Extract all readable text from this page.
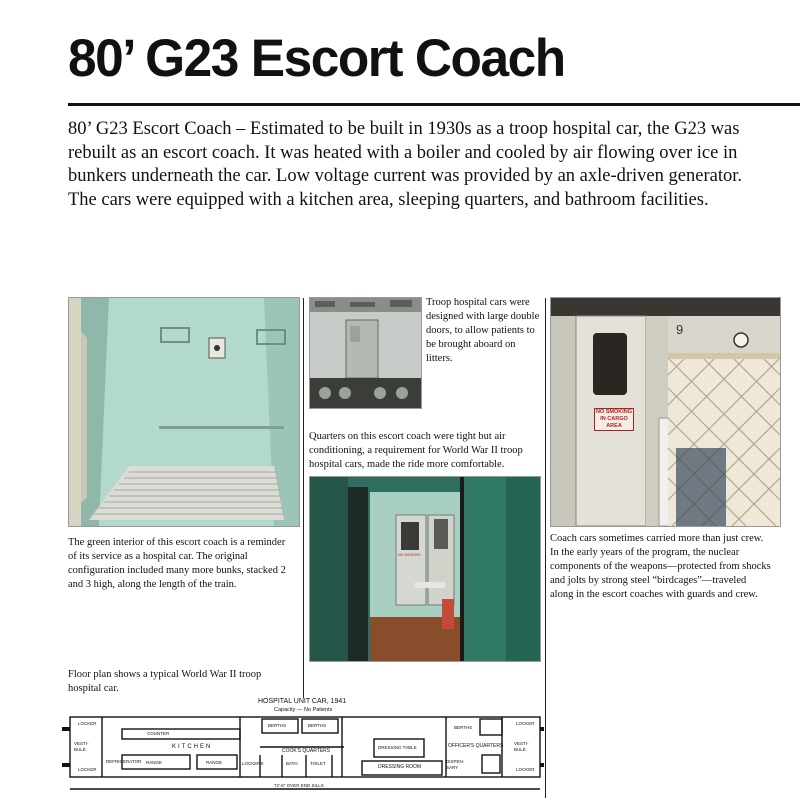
80’ G23 Escort Coach
80’ G23 Escort Coach – Estimated to be built in 1930s as a troop hospital car, the G23 was rebuilt as an escort coach. It was heated with a boiler and cooled by air flowing over ice in bunkers underneath the car. Low voltage current was provided by an axle-driven generator. The cars were equipped with a kitchen area, sleeping quarters, and bathroom facilities.
The green interior of this escort coach is a reminder of its service as a hospital car. The original configuration included many more bunks, stacked 2 and 3 high, along the length of the train.
Troop hospital cars were designed with large double doors, to allow patients to be brought aboard on litters.
Quarters on this escort coach were tight but air conditioning, a requirement for World War II troop hospital cars, made the ride more comfortable.
NO SMOKING
NO SMOKING IN CARGO AREA
9
Coach cars sometimes carried more than just crew. In the early years of the program, the nuclear components of the weapons—protected from shocks and jolts by strong steel “birdcages”—traveled along in the escort coaches with guards and crew.
Floor plan shows a typical World War II troop hospital car.
HOSPITAL UNIT CAR, 1941
Capacity — No Patients
LOCKER
VESTI-BULE
LOCKER
COUNTER
KITCHEN
REFRIGERATOR RANGE	RANGE
BERTHS	BERTHS
COOK'S QUARTERS
LOCKERS	BATH	TOILET
DRESSING TABLE
DRESSING ROOM
OFFICER'S QUARTERS
BERTHS
DISPEN-SARY
LOCKER
VESTI-BULE
LOCKER
72'-6" OVER END SILLS
